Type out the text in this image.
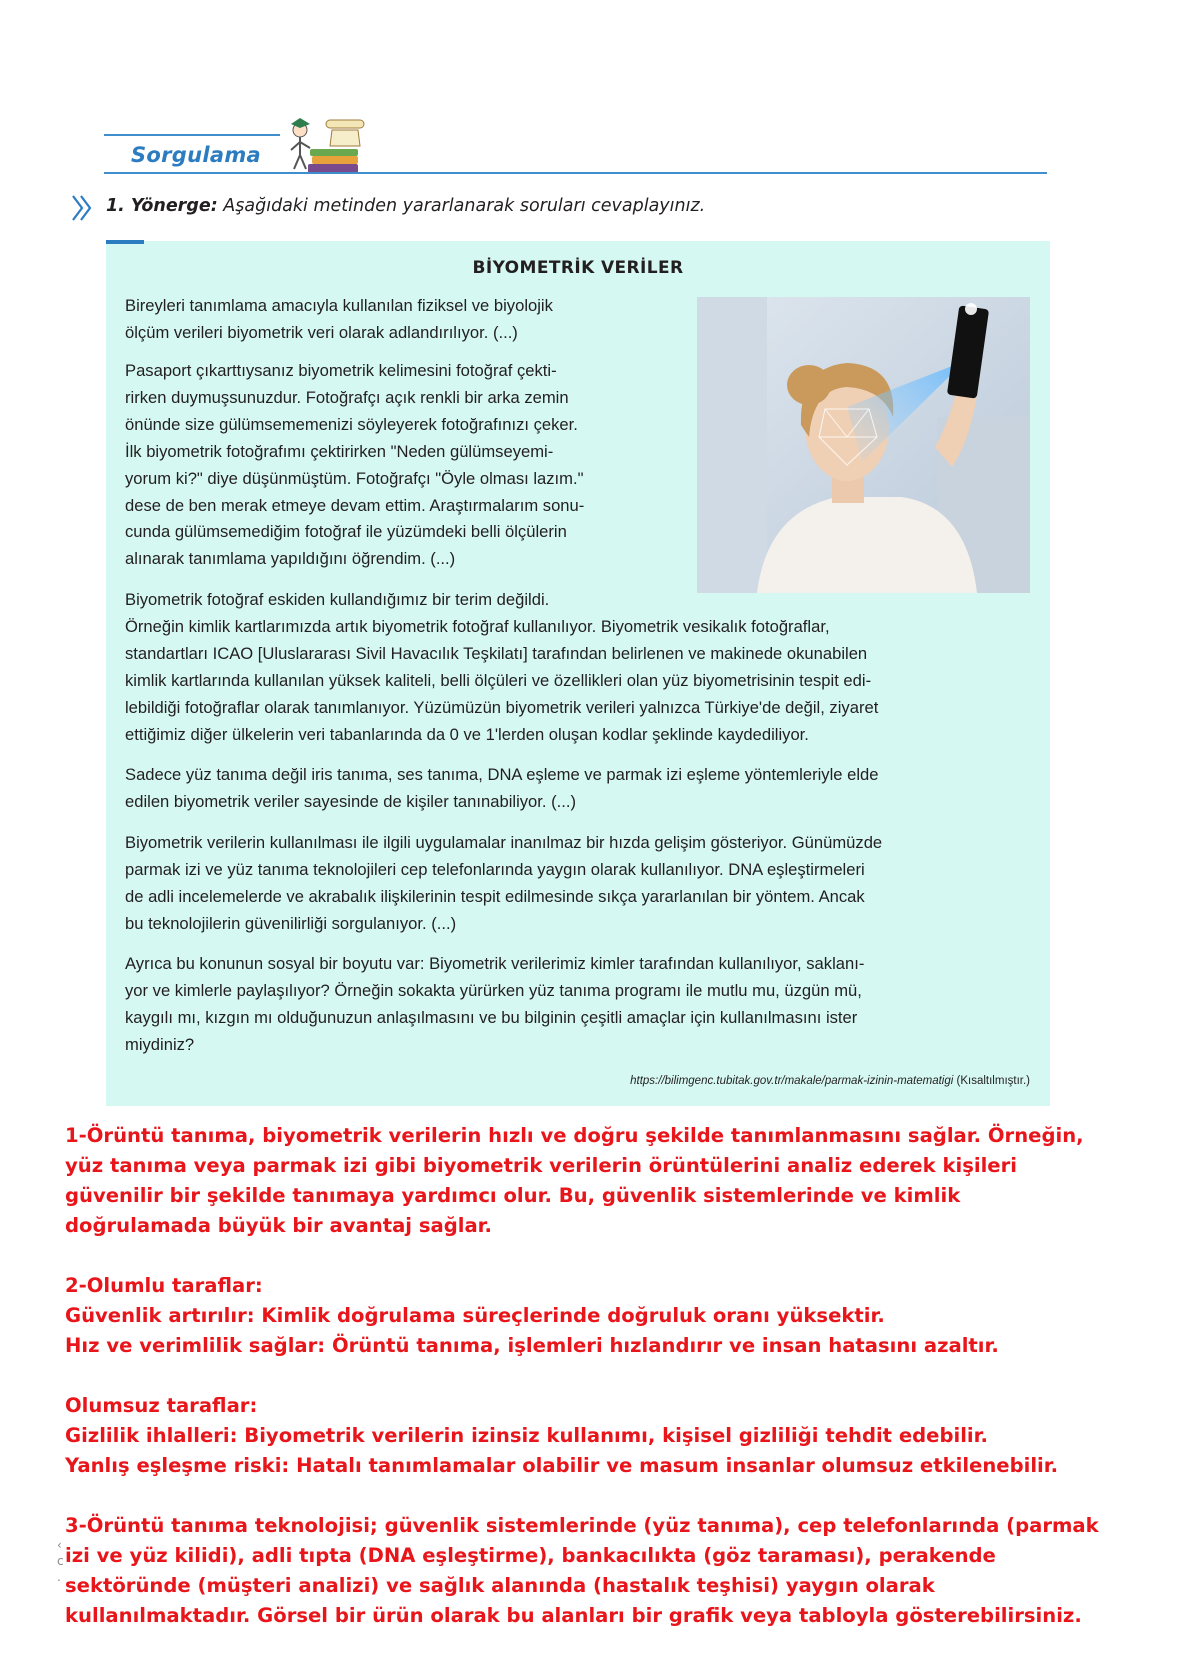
Sorgulama
1. Yönerge: Aşağıdaki metinden yararlanarak soruları cevaplayınız.
BİYOMETRİK VERİLER

Bireyleri tanımlama amacıyla kullanılan fiziksel ve biyolojik
ölçüm verileri biyometrik veri olarak adlandırılıyor. (...)

Pasaport çıkarttıysanız biyometrik kelimesini fotoğraf çekti-
rirken duymuşsunuzdur. Fotoğrafçı açık renkli bir arka zemin
önünde size gülümsememenizi söyleyerek fotoğrafınızı çeker.
İlk biyometrik fotoğrafımı çektirirken "Neden gülümseyemi-
yorum ki?" diye düşünmüştüm. Fotoğrafçı "Öyle olması lazım."
dese de ben merak etmeye devam ettim. Araştırmalarım sonu-
cunda gülümsemediğim fotoğraf ile yüzümdeki belli ölçülerin
alınarak tanımlama yapıldığını öğrendim. (...)

Biyometrik fotoğraf eskiden kullandığımız bir terim değildi.
Örneğin kimlik kartlarımızda artık biyometrik fotoğraf kullanılıyor. Biyometrik vesikalık fotoğraflar,
standartları ICAO [Uluslararası Sivil Havacılık Teşkilatı] tarafından belirlenen ve makinede okunabilen
kimlik kartlarında kullanılan yüksek kaliteli, belli ölçüleri ve özellikleri olan yüz biyometrisinin tespit edi-
lebildiği fotoğraflar olarak tanımlanıyor. Yüzümüzün biyometrik verileri yalnızca Türkiye'de değil, ziyaret
ettiğimiz diğer ülkelerin veri tabanlarında da 0 ve 1'lerden oluşan kodlar şeklinde kaydediliyor.

Sadece yüz tanıma değil iris tanıma, ses tanıma, DNA eşleme ve parmak izi eşleme yöntemleriyle elde
edilen biyometrik veriler sayesinde de kişiler tanınabiliyor. (...)

Biyometrik verilerin kullanılması ile ilgili uygulamalar inanılmaz bir hızda gelişim gösteriyor. Günümüzde
parmak izi ve yüz tanıma teknolojileri cep telefonlarında yaygın olarak kullanılıyor. DNA eşleştirmeleri
de adli incelemelerde ve akrabalık ilişkilerinin tespit edilmesinde sıkça yararlanılan bir yöntem. Ancak
bu teknolojilerin güvenilirliği sorgulanıyor. (...)

Ayrıca bu konunun sosyal bir boyutu var: Biyometrik verilerimiz kimler tarafından kullanılıyor, saklanı-
yor ve kimlerle paylaşılıyor? Örneğin sokakta yürürken yüz tanıma programı ile mutlu mu, üzgün mü,
kaygılı mı, kızgın mı olduğunuzun anlaşılmasını ve bu bilginin çeşitli amaçlar için kullanılmasını ister
miydiniz?

https://bilimgenc.tubitak.gov.tr/makale/parmak-izinin-matematigi (Kısaltılmıştır.)

1-Örüntü tanıma, biyometrik verilerin hızlı ve doğru şekilde tanımlanmasını sağlar. Örneğin,
yüz tanıma veya parmak izi gibi biyometrik verilerin örüntülerini analiz ederek kişileri
güvenilir bir şekilde tanımaya yardımcı olur. Bu, güvenlik sistemlerinde ve kimlik
doğrulamada büyük bir avantaj sağlar.

2-Olumlu taraflar:
Güvenlik artırılır: Kimlik doğrulama süreçlerinde doğruluk oranı yüksektir.
Hız ve verimlilik sağlar: Örüntü tanıma, işlemleri hızlandırır ve insan hatasını azaltır.

Olumsuz taraflar:
Gizlilik ihlalleri: Biyometrik verilerin izinsiz kullanımı, kişisel gizliliği tehdit edebilir.
Yanlış eşleşme riski: Hatalı tanımlamalar olabilir ve masum insanlar olumsuz etkilenebilir.

3-Örüntü tanıma teknolojisi; güvenlik sistemlerinde (yüz tanıma), cep telefonlarında (parmak
izi ve yüz kilidi), adli tıpta (DNA eşleştirme), bankacılıkta (göz taraması), perakende
sektöründe (müşteri analizi) ve sağlık alanında (hastalık teşhisi) yaygın olarak
kullanılmaktadır. Görsel bir ürün olarak bu alanları bir grafik veya tabloyla gösterebilirsiniz.

‹
c
.
